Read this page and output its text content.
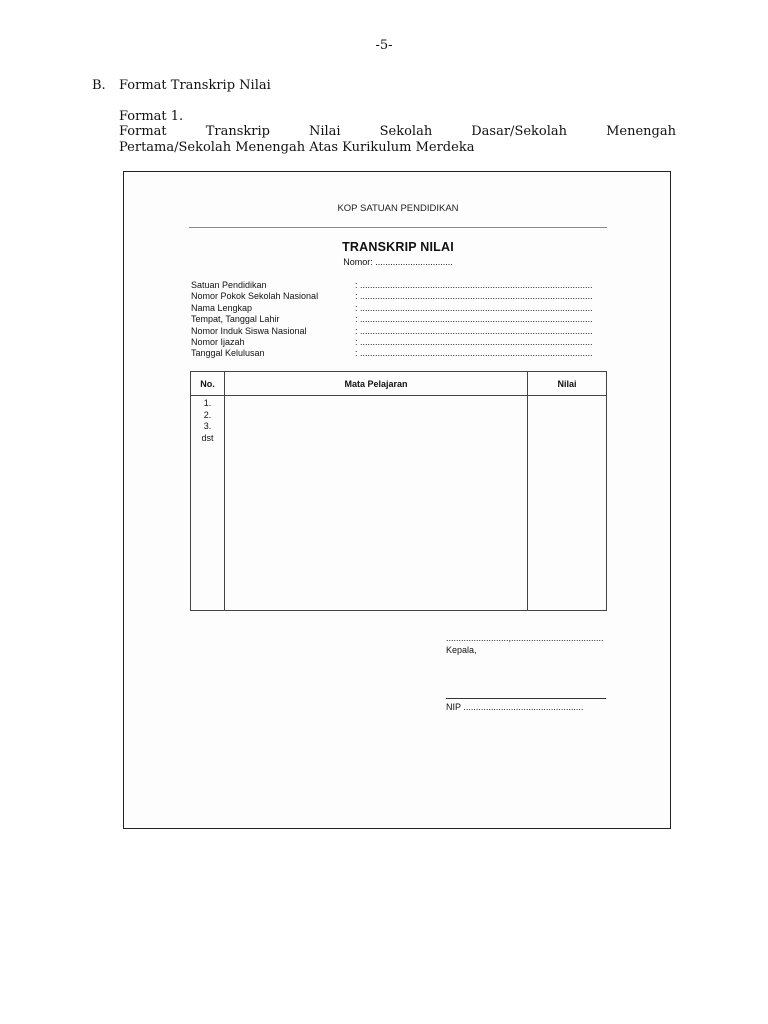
-5-
B. Format Transkrip Nilai
Format 1.
Format	Transkrip	Nilai	Sekolah	Dasar/Sekolah	Menengah
Pertama/Sekolah Menengah Atas Kurikulum Merdeka
KOP SATUAN PENDIDIKAN
TRANSKRIP NILAI
Nomor: ...............................
Satuan Pendidikan	: .............................................................................................
Nomor Pokok Sekolah Nasional	: .............................................................................................
Nama Lengkap	: .............................................................................................
Tempat, Tanggal Lahir	: .............................................................................................
Nomor Induk Siswa Nasional	: .............................................................................................
Nomor Ijazah	: .............................................................................................
Tanggal Kelulusan	: .............................................................................................
No.	Mata Pelajaran	Nilai

1.
2.
3.
dst		

.........................,.....................................
Kepala,
NIP ................................................
